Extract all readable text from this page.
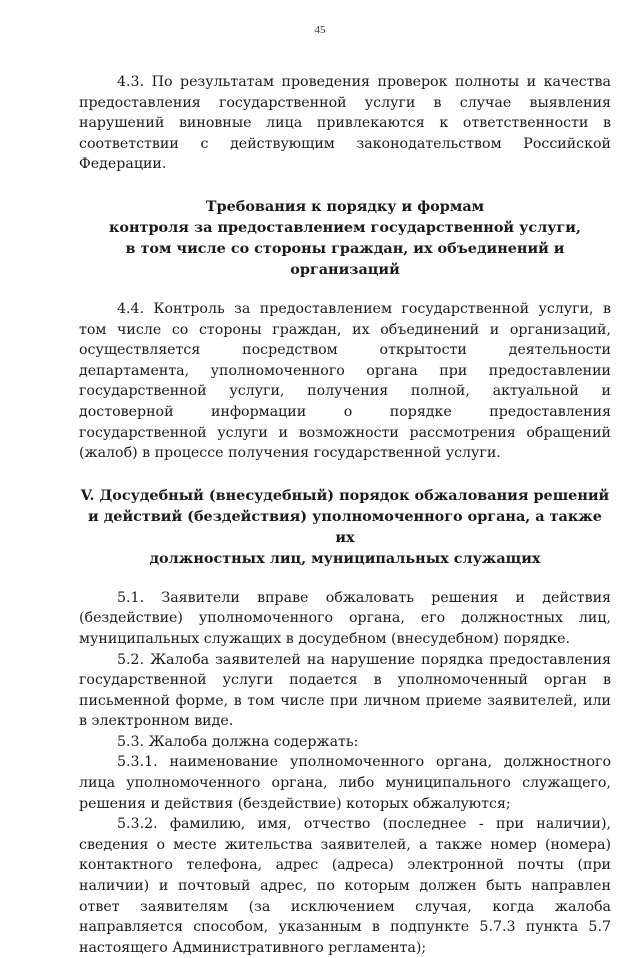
45

4.3. По результатам проведения проверок полноты и качества предоставления государственной услуги в случае выявления нарушений виновные лица привлекаются к ответственности в соответствии с действующим законодательством Российской Федерации.

Требования к порядку и формам
контроля за предоставлением государственной услуги,
в том числе со стороны граждан, их объединений и организаций

4.4. Контроль за предоставлением государственной услуги, в том числе со стороны граждан, их объединений и организаций, осуществляется посредством открытости деятельности департамента, уполномоченного органа при предоставлении государственной услуги, получения полной, актуальной и достоверной информации о порядке предоставления государственной услуги и возможности рассмотрения обращений (жалоб) в процессе получения государственной услуги.

V. Досудебный (внесудебный) порядок обжалования решений
и действий (бездействия) уполномоченного органа, а также их
должностных лиц, муниципальных служащих

5.1. Заявители вправе обжаловать решения и действия (бездействие) уполномоченного органа, его должностных лиц, муниципальных служащих в досудебном (внесудебном) порядке.

5.2. Жалоба заявителей на нарушение порядка предоставления государственной услуги подается в уполномоченный орган в письменной форме, в том числе при личном приеме заявителей, или в электронном виде.

5.3. Жалоба должна содержать:

5.3.1. наименование уполномоченного органа, должностного лица уполномоченного органа, либо муниципального служащего, решения и действия (бездействие) которых обжалуются;

5.3.2. фамилию, имя, отчество (последнее - при наличии), сведения о месте жительства заявителей, а также номер (номера) контактного телефона, адрес (адреса) электронной почты (при наличии) и почтовый адрес, по которым должен быть направлен ответ заявителям (за исключением случая, когда жалоба направляется способом, указанным в подпункте 5.7.3 пункта 5.7 настоящего Административного регламента);
